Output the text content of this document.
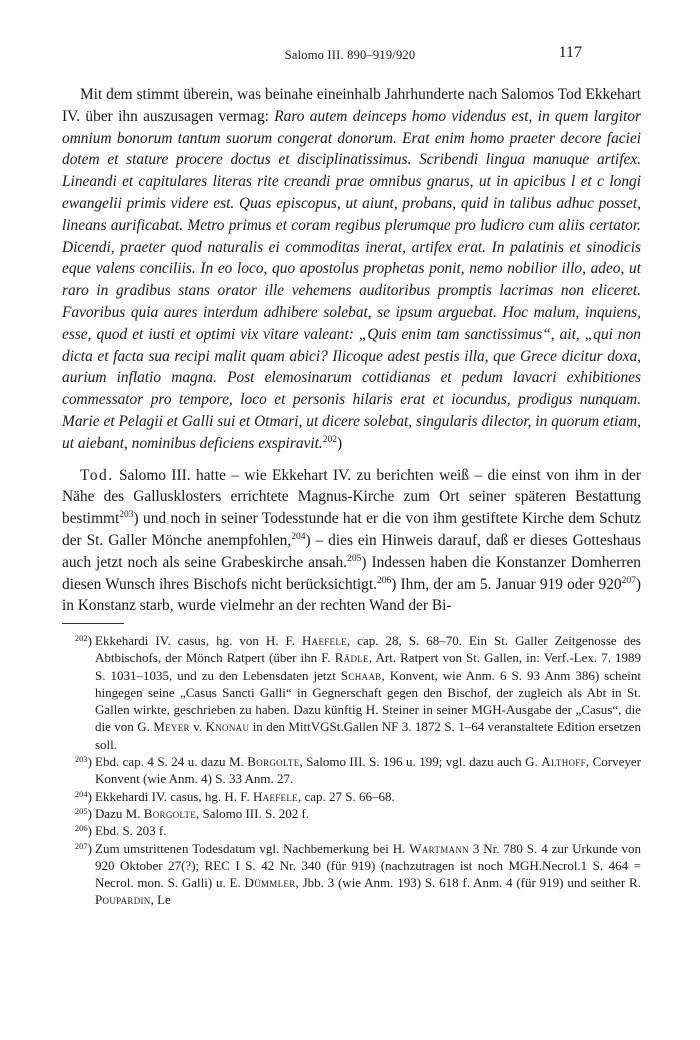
Salomo III. 890–919/920	117

Mit dem stimmt überein, was beinahe eineinhalb Jahrhunderte nach Salomos Tod Ekkehart IV. über ihn auszusagen vermag: Raro autem deinceps homo videndus est, in quem largitor omnium bonorum tantum suorum congerat donorum. Erat enim homo praeter decore faciei dotem et stature procere doctus et disciplinatissimus. Scribendi lingua manuque artifex. Lineandi et capitulares literas rite creandi prae omnibus gnarus, ut in apicibus l et c longi ewangelii primis videre est. Quas episcopus, ut aiunt, probans, quid in talibus adhuc posset, lineans aurificabat. Metro primus et coram regibus plerumque pro ludicro cum aliis certator. Dicendi, praeter quod naturalis ei commoditas inerat, artifex erat. In palatinis et sinodicis eque valens conciliis. In eo loco, quo apostolus prophetas ponit, nemo nobilior illo, adeo, ut raro in gradibus stans orator ille vehemens auditoribus promptis lacrimas non eliceret. Favoribus quia aures interdum adhibere solebat, se ipsum arguebat. Hoc malum, inquiens, esse, quod et iusti et optimi vix vitare valeant: „Quis enim tam sanctissimus“, ait, „qui non dicta et facta sua recipi malit quam abici? Ilicoque adest pestis illa, que Grece dicitur doxa, aurium inflatio magna. Post elemosinarum cottidianas et pedum lavacri exhibitiones commessator pro tempore, loco et personis hilaris erat et iocundus, prodigus nunquam. Marie et Pelagii et Galli sui et Otmari, ut dicere solebat, singularis dilector, in quorum etiam, ut aiebant, nominibus deficiens exspiravit.$^{202}$)

Tod. Salomo III. hatte – wie Ekkehart IV. zu berichten weiß – die einst von ihm in der Nähe des Gallusklosters errichtete Magnus-Kirche zum Ort seiner späteren Bestattung bestimmt$^{203}$) und noch in seiner Todesstunde hat er die von ihm gestiftete Kirche dem Schutz der St. Galler Mönche anempfohlen,$^{204}$) – dies ein Hinweis darauf, daß er dieses Gotteshaus auch jetzt noch als seine Grabeskirche ansah.$^{205}$) Indessen haben die Konstanzer Domherren diesen Wunsch ihres Bischofs nicht berücksichtigt.$^{206}$) Ihm, der am 5. Januar 919 oder 920$^{207}$) in Konstanz starb, wurde vielmehr an der rechten Wand der Bi-

$^{202}$) Ekkehardi IV. casus, hg. von H. F. Haefele, cap. 28, S. 68–70. Ein St. Galler Zeitgenosse des Abtbischofs, der Mönch Ratpert (über ihn F. Rädle, Art. Ratpert von St. Gallen, in: Verf.-Lex. 7. 1989 S. 1031–1035, und zu den Lebensdaten jetzt Schaab, Konvent, wie Anm. 6 S. 93 Anm 386) scheint hingegen seine „Casus Sancti Galli“ in Gegnerschaft gegen den Bischof, der zugleich als Abt in St. Gallen wirkte, geschrieben zu haben. Dazu künftig H. Steiner in seiner MGH-Ausgabe der „Casus“, die die von G. Meyer v. Knonau in den MittVGSt.Gallen NF 3. 1872 S. 1–64 veranstaltete Edition ersetzen soll.
$^{203}$) Ebd. cap. 4 S. 24 u. dazu M. Borgolte, Salomo III. S. 196 u. 199; vgl. dazu auch G. Althoff, Corveyer Konvent (wie Anm. 4) S. 33 Anm. 27.
$^{204}$) Ekkehardi IV. casus, hg. H. F. Haefele, cap. 27 S. 66–68.
$^{205}$) Dazu M. Borgolte, Salomo III. S. 202 f.
$^{206}$) Ebd. S. 203 f.
$^{207}$) Zum umstrittenen Todesdatum vgl. Nachbemerkung bei H. Wartmann 3 Nr. 780 S. 4 zur Urkunde von 920 Oktober 27(?); REC I S. 42 Nr. 340 (für 919) (nachzutragen ist noch MGH.Necrol.1 S. 464 = Necrol. mon. S. Galli) u. E. Dümmler, Jbb. 3 (wie Anm. 193) S. 618 f. Anm. 4 (für 919) und seither R. Poupardin, Le
